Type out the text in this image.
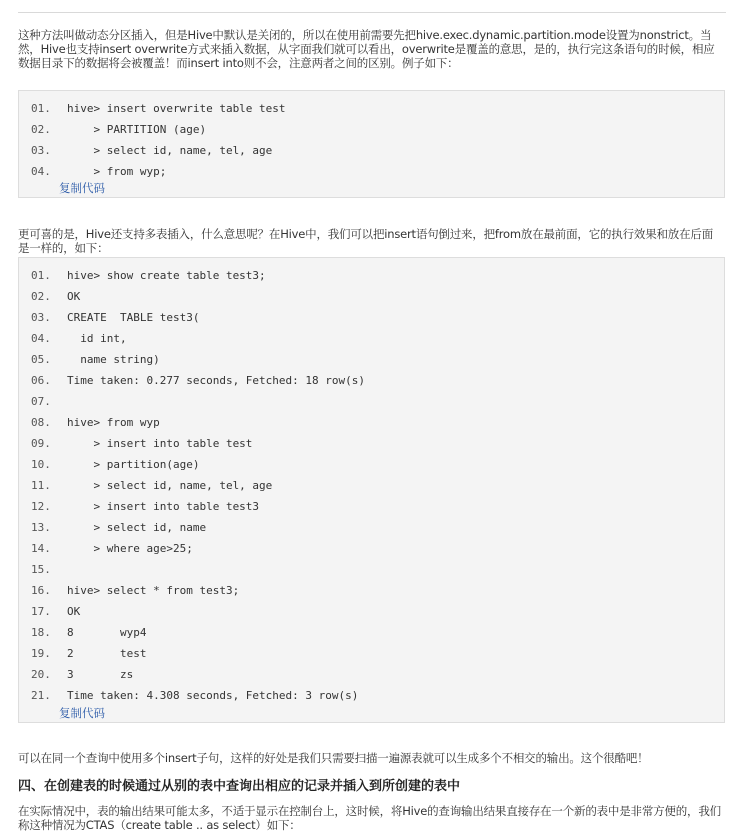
这种方法叫做动态分区插入，但是Hive中默认是关闭的，所以在使用前需要先把hive.exec.dynamic.partition.mode设置为nonstrict。当然，Hive也支持insert overwrite方式来插入数据，从字面我们就可以看出，overwrite是覆盖的意思，是的，执行完这条语句的时候，相应数据目录下的数据将会被覆盖！而insert into则不会，注意两者之间的区别。例子如下：
01. hive> insert overwrite table test
02.    > PARTITION (age)
03.    > select id, name, tel, age
04.    > from wyp;
复制代码
更可喜的是，Hive还支持多表插入，什么意思呢？在Hive中，我们可以把insert语句倒过来，把from放在最前面，它的执行效果和放在后面是一样的，如下：
01. hive> show create table test3;
02. OK
03. CREATE  TABLE test3(
04.  id int,
05.  name string)
06. Time taken: 0.277 seconds, Fetched: 18 row(s)
07.
08. hive> from wyp
09.    > insert into table test
10.    > partition(age)
11.    > select id, name, tel, age
12.    > insert into table test3
13.    > select id, name
14.    > where age>25;
15.
16. hive> select * from test3;
17. OK
18. 8       wyp4
19. 2       test
20. 3       zs
21. Time taken: 4.308 seconds, Fetched: 3 row(s)
复制代码
可以在同一个查询中使用多个insert子句，这样的好处是我们只需要扫描一遍源表就可以生成多个不相交的输出。这个很酷吧！
四、在创建表的时候通过从别的表中查询出相应的记录并插入到所创建的表中
在实际情况中，表的输出结果可能太多，不适于显示在控制台上，这时候，将Hive的查询输出结果直接存在一个新的表中是非常方便的，我们称这种情况为CTAS（create table .. as select）如下：
